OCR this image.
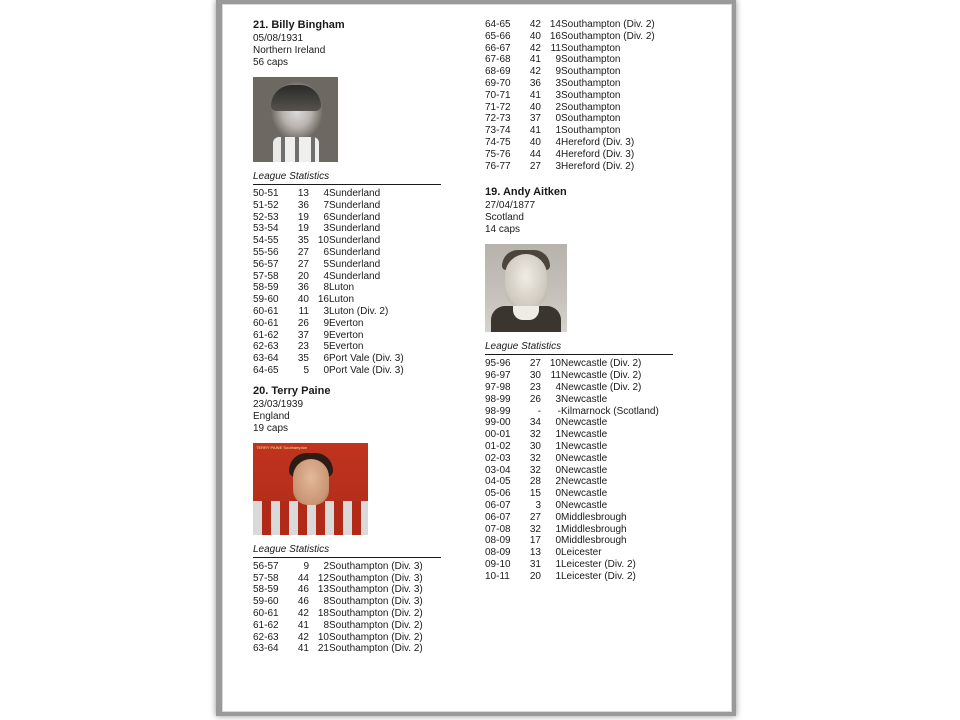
21. Billy Bingham
05/08/1931
Northern Ireland
56 caps
League Statistics
50-51	13	4	Sunderland
51-52	36	7	Sunderland
52-53	19	6	Sunderland
53-54	19	3	Sunderland
54-55	35	10	Sunderland
55-56	27	6	Sunderland
56-57	27	5	Sunderland
57-58	20	4	Sunderland
58-59	36	8	Luton
59-60	40	16	Luton
60-61	11	3	Luton (Div. 2)
60-61	26	9	Everton
61-62	37	9	Everton
62-63	23	5	Everton
63-64	35	6	Port Vale (Div. 3)
64-65	5	0	Port Vale (Div. 3)
20. Terry Paine
23/03/1939
England
19 caps
TERRY PAINE Southampton
League Statistics
56-57	9	2	Southampton (Div. 3)
57-58	44	12	Southampton (Div. 3)
58-59	46	13	Southampton (Div. 3)
59-60	46	8	Southampton (Div. 3)
60-61	42	18	Southampton (Div. 2)
61-62	41	8	Southampton (Div. 2)
62-63	42	10	Southampton (Div. 2)
63-64	41	21	Southampton (Div. 2)
64-65	42	14	Southampton (Div. 2)
65-66	40	16	Southampton (Div. 2)
66-67	42	11	Southampton
67-68	41	9	Southampton
68-69	42	9	Southampton
69-70	36	3	Southampton
70-71	41	3	Southampton
71-72	40	2	Southampton
72-73	37	0	Southampton
73-74	41	1	Southampton
74-75	40	4	Hereford (Div. 3)
75-76	44	4	Hereford (Div. 3)
76-77	27	3	Hereford (Div. 2)
19. Andy Aitken
27/04/1877
Scotland
14 caps
League Statistics
95-96	27	10	Newcastle (Div. 2)
96-97	30	11	Newcastle (Div. 2)
97-98	23	4	Newcastle (Div. 2)
98-99	26	3	Newcastle
98-99	-	-	Kilmarnock (Scotland)
99-00	34	0	Newcastle
00-01	32	1	Newcastle
01-02	30	1	Newcastle
02-03	32	0	Newcastle
03-04	32	0	Newcastle
04-05	28	2	Newcastle
05-06	15	0	Newcastle
06-07	3	0	Newcastle
06-07	27	0	Middlesbrough
07-08	32	1	Middlesbrough
08-09	17	0	Middlesbrough
08-09	13	0	Leicester
09-10	31	1	Leicester (Div. 2)
10-11	20	1	Leicester (Div. 2)
